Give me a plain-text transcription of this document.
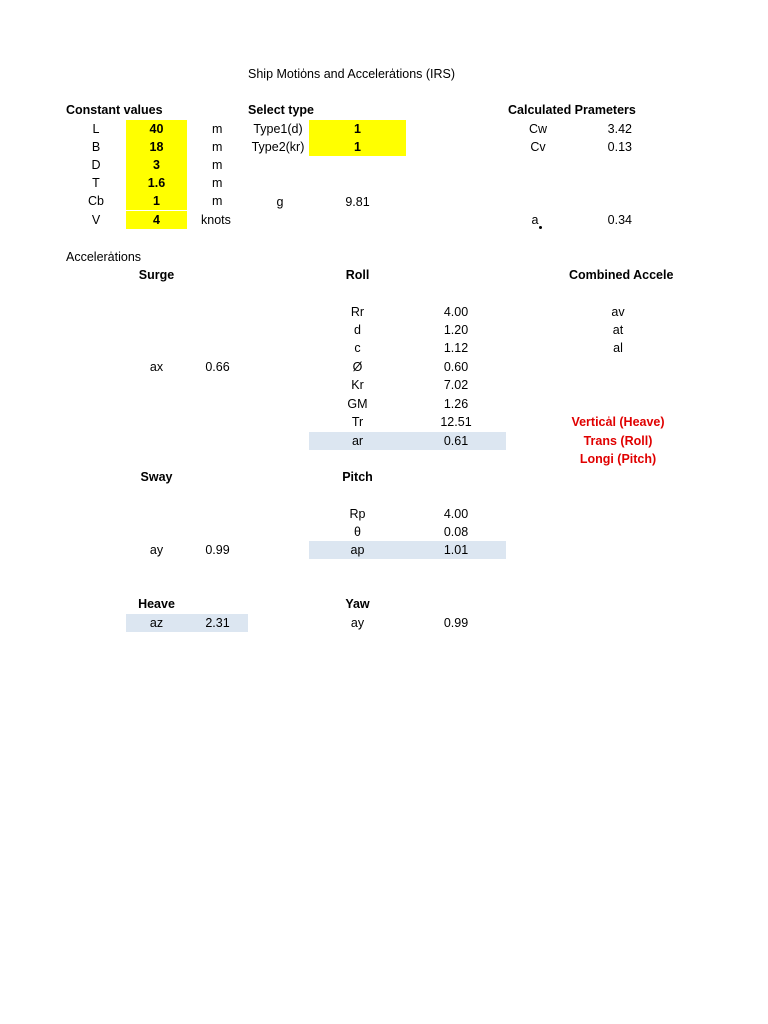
Ship Motio̍ns and Accelera̍tions (IRS)
Constant values
L	40	m
B	18	m
D	3	m
T	1.6	m
Cb	1	m
V	4	knots
Select type
Type1(d)	1
Type2(kr)	1
g	9.81
Calculated Prameters
Cw	3.42
Cv	0.13
a	0.34
Accelera̍tions
Surge
ax	0.66
Sway
ay	0.99
Heave
az	2.31
Roll
Rr	4.00
d	1.20
c	1.12
Ø	0.60
Kr	7.02
GM	1.26
Tr	12.51
ar	0.61
Pitch
Rp	4.00
θ	0.08
ap	1.01
Yaw
ay	0.99
Combined Accele
av
at
al
Vertica̍l (Heave)
Trans (Roll)
Longi (Pitch)
